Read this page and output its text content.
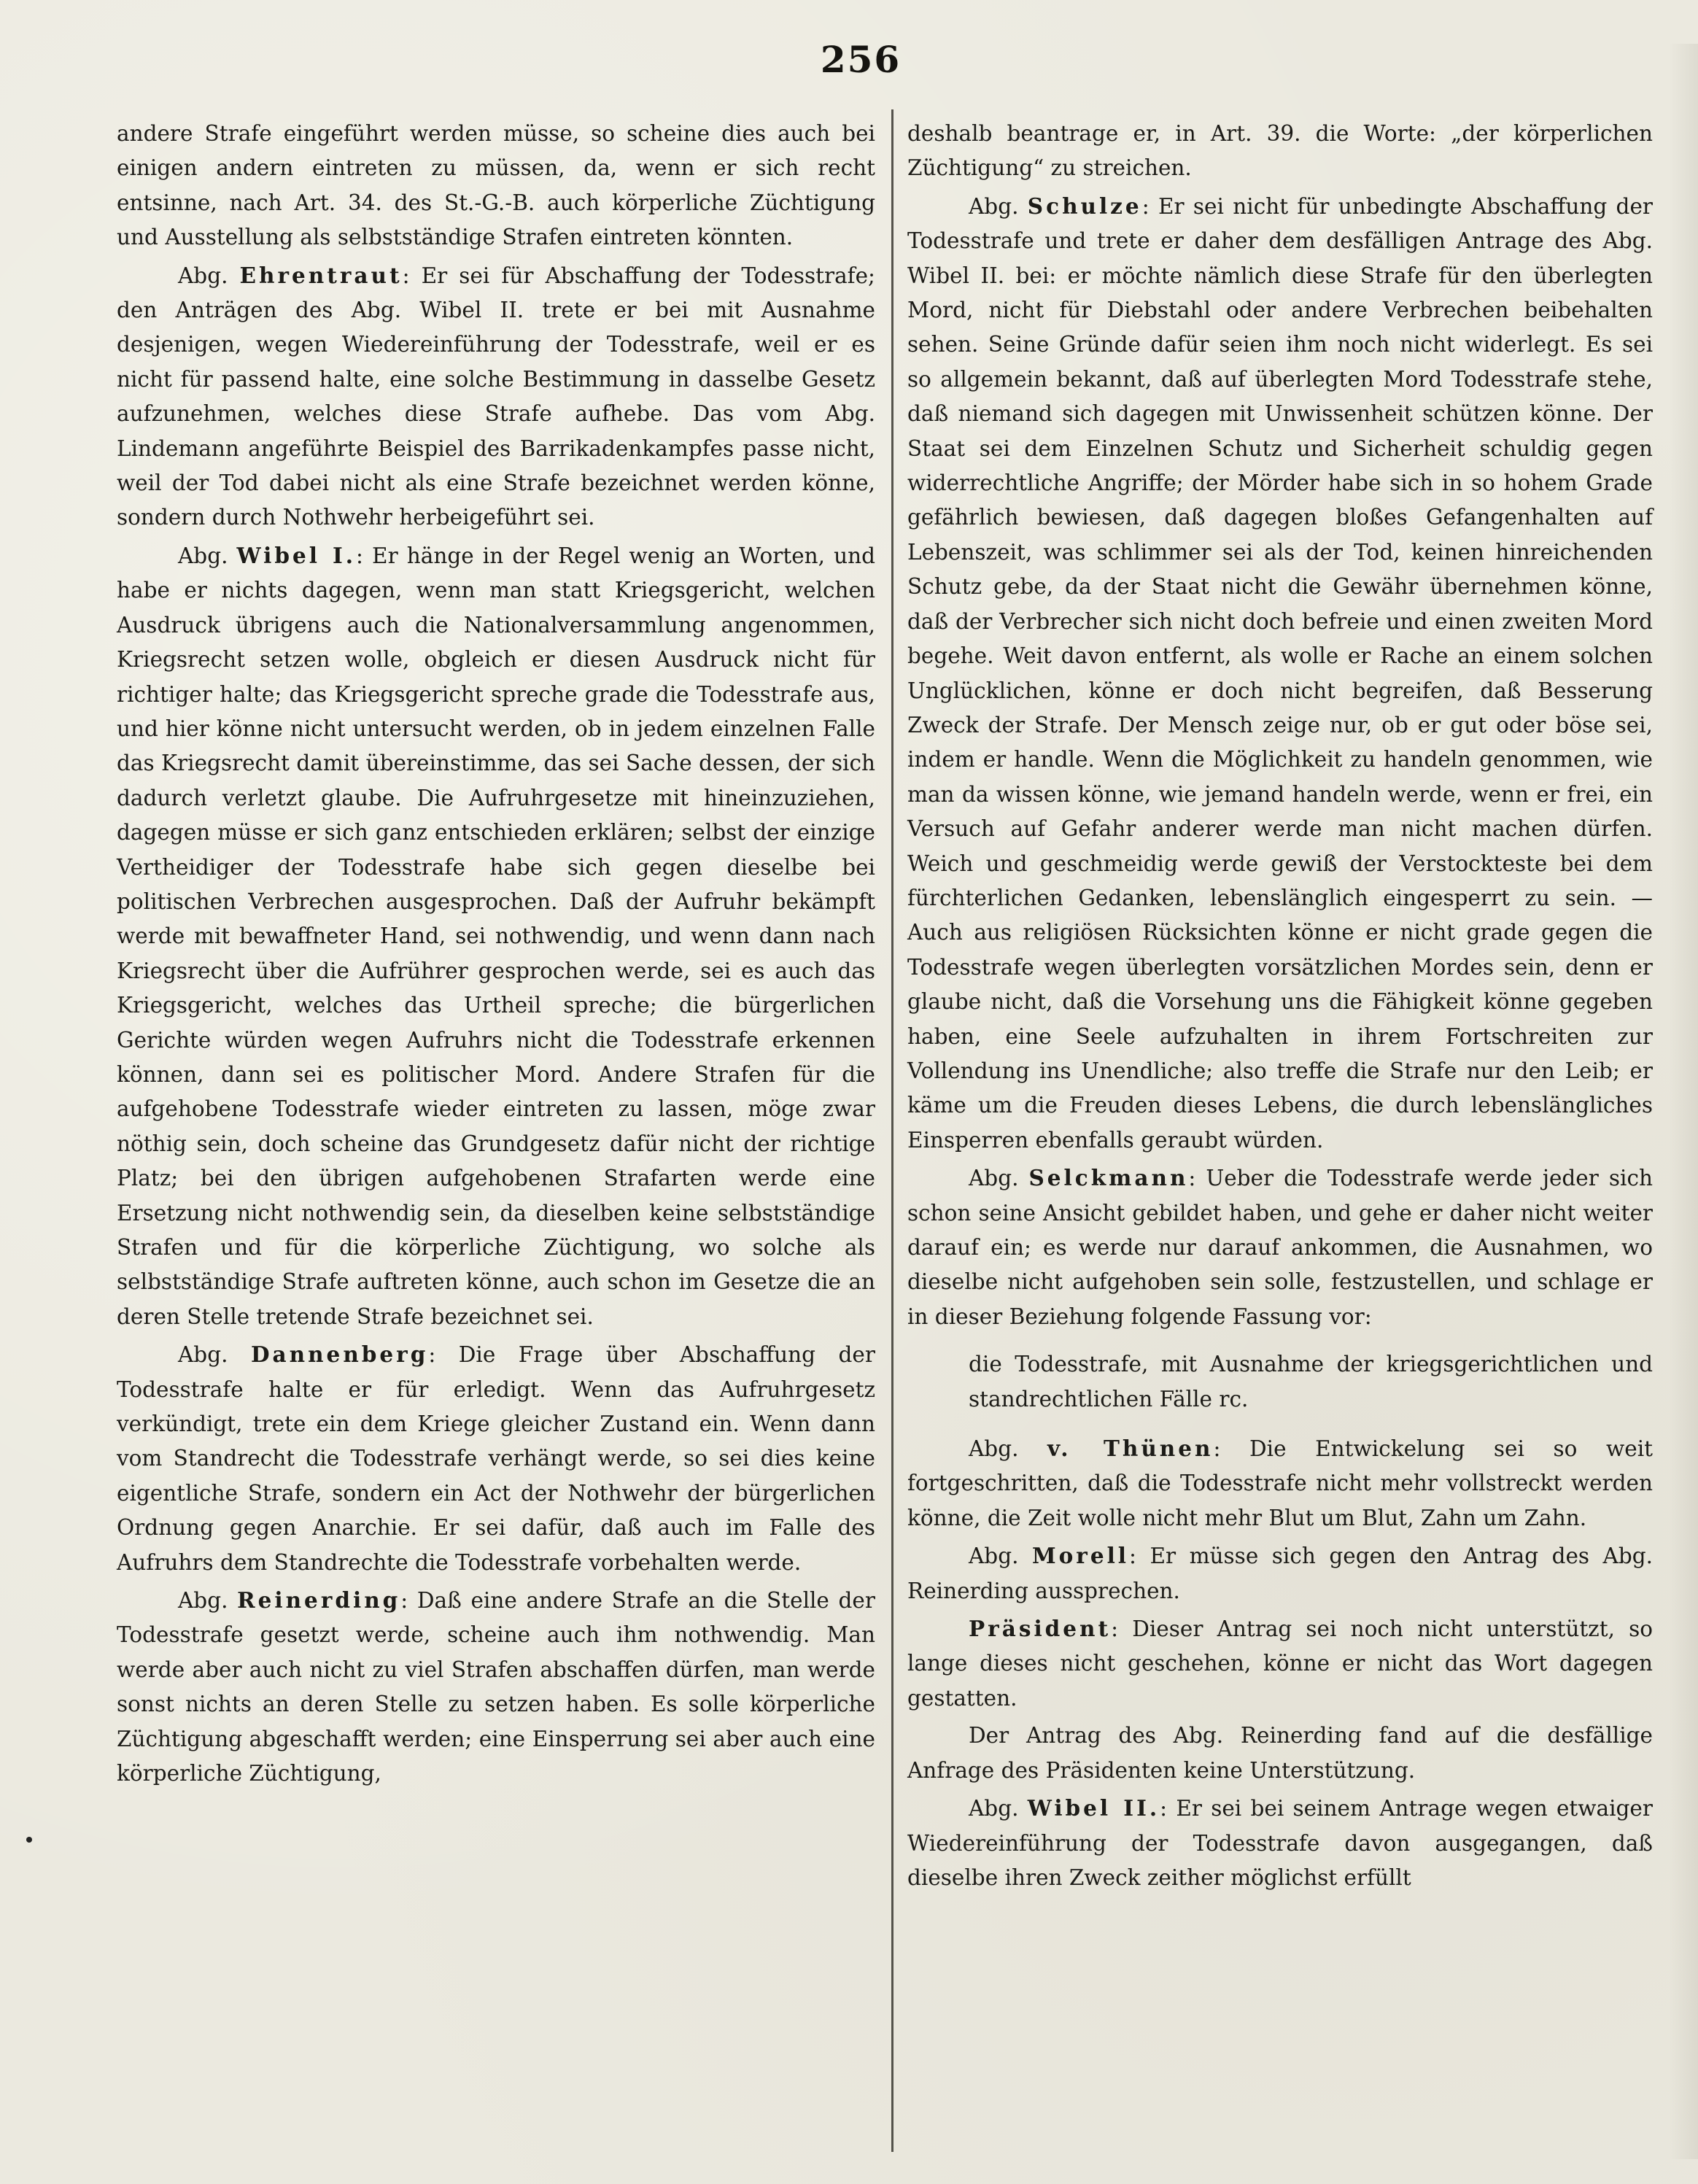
256

andere Strafe eingeführt werden müsse, so scheine dies auch bei einigen andern eintreten zu müssen, da, wenn er sich recht entsinne, nach Art. 34. des St.-G.-B. auch körperliche Züchtigung und Ausstellung als selbstständige Strafen eintreten könnten.

Abg. Ehrentraut: Er sei für Abschaffung der Todesstrafe; den Anträgen des Abg. Wibel II. trete er bei mit Ausnahme desjenigen, wegen Wiedereinführung der Todesstrafe, weil er es nicht für passend halte, eine solche Bestimmung in dasselbe Gesetz aufzunehmen, welches diese Strafe aufhebe. Das vom Abg. Lindemann angeführte Beispiel des Barrikadenkampfes passe nicht, weil der Tod dabei nicht als eine Strafe bezeichnet werden könne, sondern durch Nothwehr herbeigeführt sei.

Abg. Wibel I.: Er hänge in der Regel wenig an Worten, und habe er nichts dagegen, wenn man statt Kriegsgericht, welchen Ausdruck übrigens auch die Nationalversammlung angenommen, Kriegsrecht setzen wolle, obgleich er diesen Ausdruck nicht für richtiger halte; das Kriegsgericht spreche grade die Todesstrafe aus, und hier könne nicht untersucht werden, ob in jedem einzelnen Falle das Kriegsrecht damit übereinstimme, das sei Sache dessen, der sich dadurch verletzt glaube. Die Aufruhrgesetze mit hineinzuziehen, dagegen müsse er sich ganz entschieden erklären; selbst der einzige Vertheidiger der Todesstrafe habe sich gegen dieselbe bei politischen Verbrechen ausgesprochen. Daß der Aufruhr bekämpft werde mit bewaffneter Hand, sei nothwendig, und wenn dann nach Kriegsrecht über die Aufrührer gesprochen werde, sei es auch das Kriegsgericht, welches das Urtheil spreche; die bürgerlichen Gerichte würden wegen Aufruhrs nicht die Todesstrafe erkennen können, dann sei es politischer Mord. Andere Strafen für die aufgehobene Todesstrafe wieder eintreten zu lassen, möge zwar nöthig sein, doch scheine das Grundgesetz dafür nicht der richtige Platz; bei den übrigen aufgehobenen Strafarten werde eine Ersetzung nicht nothwendig sein, da dieselben keine selbstständige Strafen und für die körperliche Züchtigung, wo solche als selbstständige Strafe auftreten könne, auch schon im Gesetze die an deren Stelle tretende Strafe bezeichnet sei.

Abg. Dannenberg: Die Frage über Abschaffung der Todesstrafe halte er für erledigt. Wenn das Aufruhrgesetz verkündigt, trete ein dem Kriege gleicher Zustand ein. Wenn dann vom Standrecht die Todesstrafe verhängt werde, so sei dies keine eigentliche Strafe, sondern ein Act der Nothwehr der bürgerlichen Ordnung gegen Anarchie. Er sei dafür, daß auch im Falle des Aufruhrs dem Standrechte die Todesstrafe vorbehalten werde.

Abg. Reinerding: Daß eine andere Strafe an die Stelle der Todesstrafe gesetzt werde, scheine auch ihm nothwendig. Man werde aber auch nicht zu viel Strafen abschaffen dürfen, man werde sonst nichts an deren Stelle zu setzen haben. Es solle körperliche Züchtigung abgeschafft werden; eine Einsperrung sei aber auch eine körperliche Züchtigung,

deshalb beantrage er, in Art. 39. die Worte: „der körperlichen Züchtigung“ zu streichen.

Abg. Schulze: Er sei nicht für unbedingte Abschaffung der Todesstrafe und trete er daher dem desfälligen Antrage des Abg. Wibel II. bei: er möchte nämlich diese Strafe für den überlegten Mord, nicht für Diebstahl oder andere Verbrechen beibehalten sehen. Seine Gründe dafür seien ihm noch nicht widerlegt. Es sei so allgemein bekannt, daß auf überlegten Mord Todesstrafe stehe, daß niemand sich dagegen mit Unwissenheit schützen könne. Der Staat sei dem Einzelnen Schutz und Sicherheit schuldig gegen widerrechtliche Angriffe; der Mörder habe sich in so hohem Grade gefährlich bewiesen, daß dagegen bloßes Gefangenhalten auf Lebenszeit, was schlimmer sei als der Tod, keinen hinreichenden Schutz gebe, da der Staat nicht die Gewähr übernehmen könne, daß der Verbrecher sich nicht doch befreie und einen zweiten Mord begehe. Weit davon entfernt, als wolle er Rache an einem solchen Unglücklichen, könne er doch nicht begreifen, daß Besserung Zweck der Strafe. Der Mensch zeige nur, ob er gut oder böse sei, indem er handle. Wenn die Möglichkeit zu handeln genommen, wie man da wissen könne, wie jemand handeln werde, wenn er frei, ein Versuch auf Gefahr anderer werde man nicht machen dürfen. Weich und geschmeidig werde gewiß der Verstockteste bei dem fürchterlichen Gedanken, lebenslänglich eingesperrt zu sein. — Auch aus religiösen Rücksichten könne er nicht grade gegen die Todesstrafe wegen überlegten vorsätzlichen Mordes sein, denn er glaube nicht, daß die Vorsehung uns die Fähigkeit könne gegeben haben, eine Seele aufzuhalten in ihrem Fortschreiten zur Vollendung ins Unendliche; also treffe die Strafe nur den Leib; er käme um die Freuden dieses Lebens, die durch lebenslängliches Einsperren ebenfalls geraubt würden.

Abg. Selckmann: Ueber die Todesstrafe werde jeder sich schon seine Ansicht gebildet haben, und gehe er daher nicht weiter darauf ein; es werde nur darauf ankommen, die Ausnahmen, wo dieselbe nicht aufgehoben sein solle, festzustellen, und schlage er in dieser Beziehung folgende Fassung vor:

die Todesstrafe, mit Ausnahme der kriegsgerichtlichen und standrechtlichen Fälle rc.

Abg. v. Thünen: Die Entwickelung sei so weit fortgeschritten, daß die Todesstrafe nicht mehr vollstreckt werden könne, die Zeit wolle nicht mehr Blut um Blut, Zahn um Zahn.

Abg. Morell: Er müsse sich gegen den Antrag des Abg. Reinerding aussprechen.

Präsident: Dieser Antrag sei noch nicht unterstützt, so lange dieses nicht geschehen, könne er nicht das Wort dagegen gestatten.

Der Antrag des Abg. Reinerding fand auf die desfällige Anfrage des Präsidenten keine Unterstützung.

Abg. Wibel II.: Er sei bei seinem Antrage wegen etwaiger Wiedereinführung der Todesstrafe davon ausgegangen, daß dieselbe ihren Zweck zeither möglichst erfüllt
